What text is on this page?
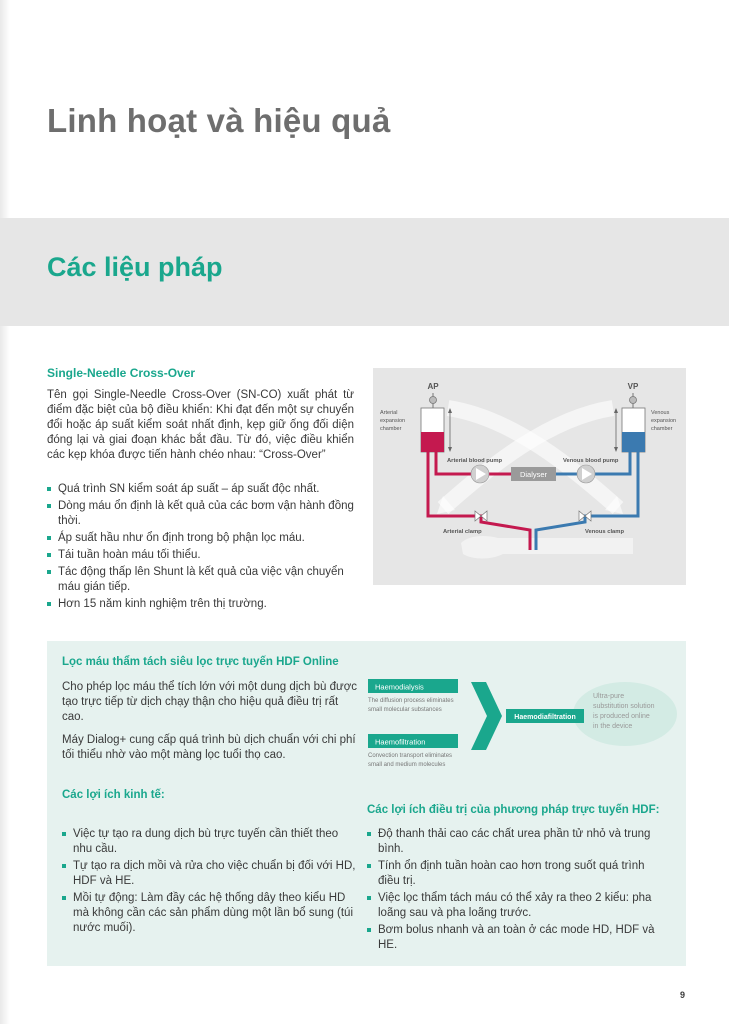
Linh hoạt và hiệu quả
Các liệu pháp
Single-Needle Cross-Over

Tên gọi Single-Needle Cross-Over (SN-CO) xuất phát từ điểm đặc biệt của bộ điều khiển: Khi đạt đến một sự chuyển đổi hoặc áp suất kiểm soát nhất định, kẹp giữ ống đối diện đóng lại và giai đoạn khác bắt đầu. Từ đó, việc điều khiển các kẹp khóa được tiến hành chéo nhau: “Cross-Over”

Quá trình SN kiểm soát áp suất – áp suất độc nhất.
Dòng máu ổn định là kết quả của các bơm vận hành đồng thời.
Áp suất hầu như ổn định trong bộ phận lọc máu.
Tái tuần hoàn máu tối thiểu.
Tác động thấp lên Shunt là kết quả của việc vận chuyển máu gián tiếp.
Hơn 15 năm kinh nghiệm trên thị trường.
AP	VP
Arterial expansion chamber
Venous expansion chamber
Arterial blood pump	Venous blood pump
Dialyser
Arterial clamp	Venous clamp
Lọc máu thẩm tách siêu lọc trực tuyến HDF Online

Cho phép lọc máu thể tích lớn với một dung dịch bù được tạo trực tiếp từ dịch chạy thận cho hiệu quả điều trị rất cao.

Máy Dialog+ cung cấp quá trình bù dịch chuẩn với chi phí tối thiểu nhờ vào một màng lọc tuổi thọ cao.

Haemodialysis
The diffusion process eliminates small molecular substances
Haemofiltration
Convection transport eliminates small and medium molecules
Ultra-pure substitution solution is produced online in the device
Haemodiafiltration
Các lợi ích kinh tế:
Việc tự tạo ra dung dịch bù trực tuyến cần thiết theo nhu cầu.
Tự tạo ra dịch mồi và rửa cho việc chuẩn bị đối với HD, HDF và HE.
Mồi tự động: Làm đầy các hệ thống dây theo kiểu HD mà không cần các sản phẩm dùng một lần bổ sung (túi nước muối).
Các lợi ích điều trị của phương pháp trực tuyến HDF:
Độ thanh thải cao các chất urea phần tử nhỏ và trung bình.
Tính ổn định tuần hoàn cao hơn trong suốt quá trình điều trị.
Việc lọc thẩm tách máu có thể xảy ra theo 2 kiểu: pha loãng sau và pha loãng trước.
Bơm bolus nhanh và an toàn ở các mode HD, HDF và HE.
9
